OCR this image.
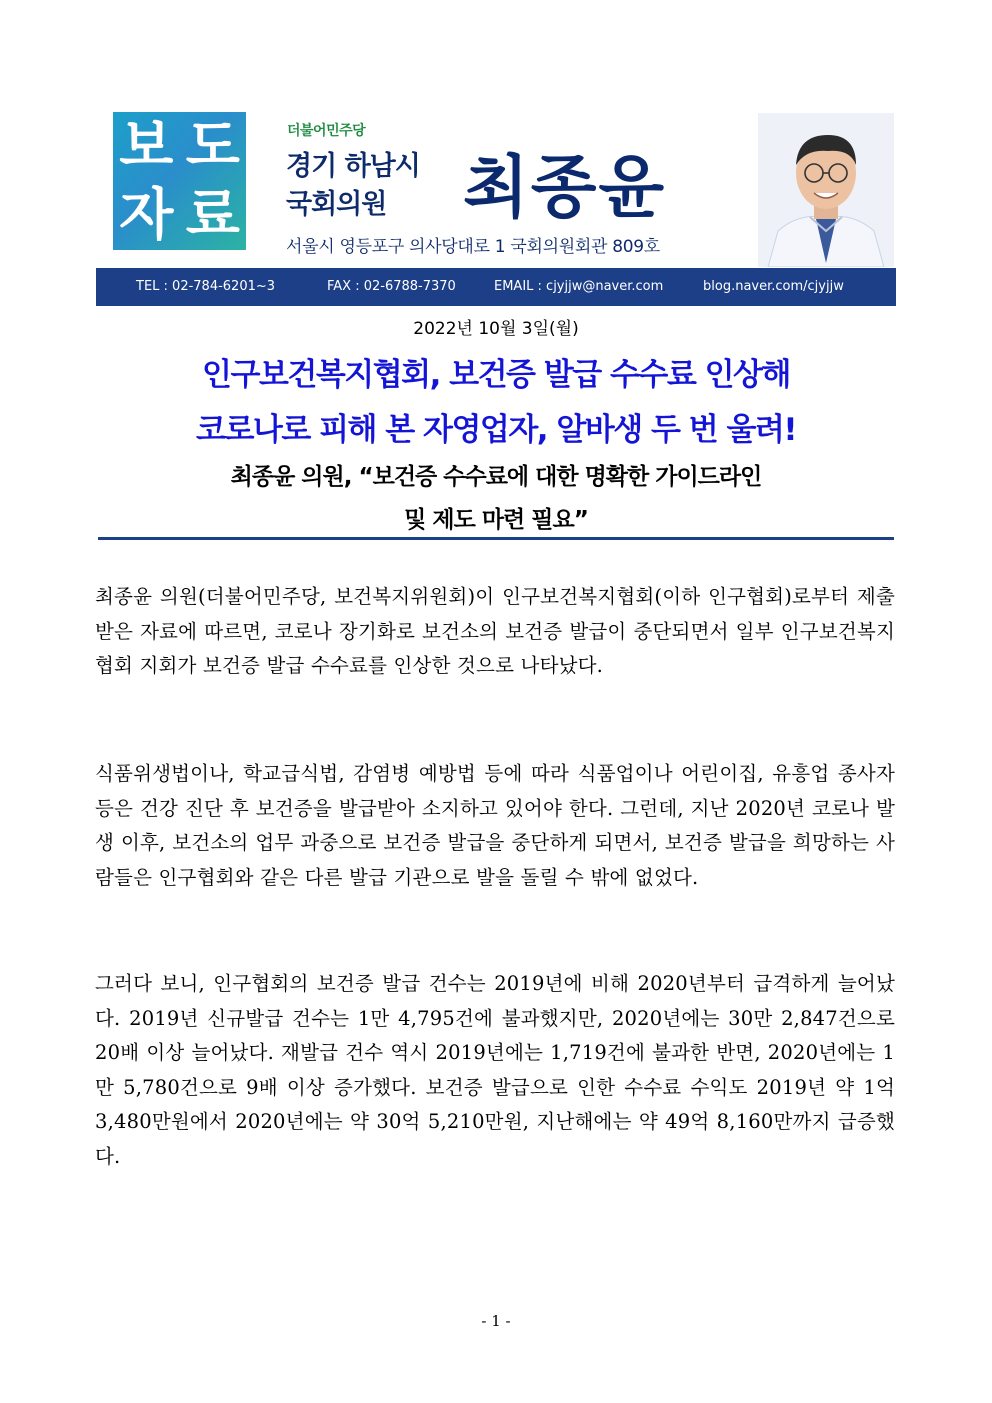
보 도
자 료
더불어민주당
경기 하남시
국회의원 최종윤
서울시 영등포구 의사당대로 1 국회의원회관 809호
TEL : 02-784-6201~3	FAX : 02-6788-7370	EMAIL : cjyjjw@naver.com	blog.naver.com/cjyjjw
2022년 10월 3일(월)
인구보건복지협회, 보건증 발급 수수료 인상해
코로나로 피해 본 자영업자, 알바생 두 번 울려!
최종윤 의원, “보건증 수수료에 대한 명확한 가이드라인
및 제도 마련 필요”
최종윤 의원(더불어민주당, 보건복지위원회)이 인구보건복지협회(이하 인구협회)로부터 제출받은 자료에 따르면, 코로나 장기화로 보건소의 보건증 발급이 중단되면서 일부 인구보건복지협회 지회가 보건증 발급 수수료를 인상한 것으로 나타났다.
식품위생법이나, 학교급식법, 감염병 예방법 등에 따라 식품업이나 어린이집, 유흥업 종사자 등은 건강 진단 후 보건증을 발급받아 소지하고 있어야 한다. 그런데, 지난 2020년 코로나 발생 이후, 보건소의 업무 과중으로 보건증 발급을 중단하게 되면서, 보건증 발급을 희망하는 사람들은 인구협회와 같은 다른 발급 기관으로 발을 돌릴 수 밖에 없었다.
그러다 보니, 인구협회의 보건증 발급 건수는 2019년에 비해 2020년부터 급격하게 늘어났다. 2019년 신규발급 건수는 1만 4,795건에 불과했지만, 2020년에는 30만 2,847건으로 20배 이상 늘어났다. 재발급 건수 역시 2019년에는 1,719건에 불과한 반면, 2020년에는 1만 5,780건으로 9배 이상 증가했다. 보건증 발급으로 인한 수수료 수익도 2019년 약 1억 3,480만원에서 2020년에는 약 30억 5,210만원, 지난해에는 약 49억 8,160만까지 급증했다.
- 1 -
